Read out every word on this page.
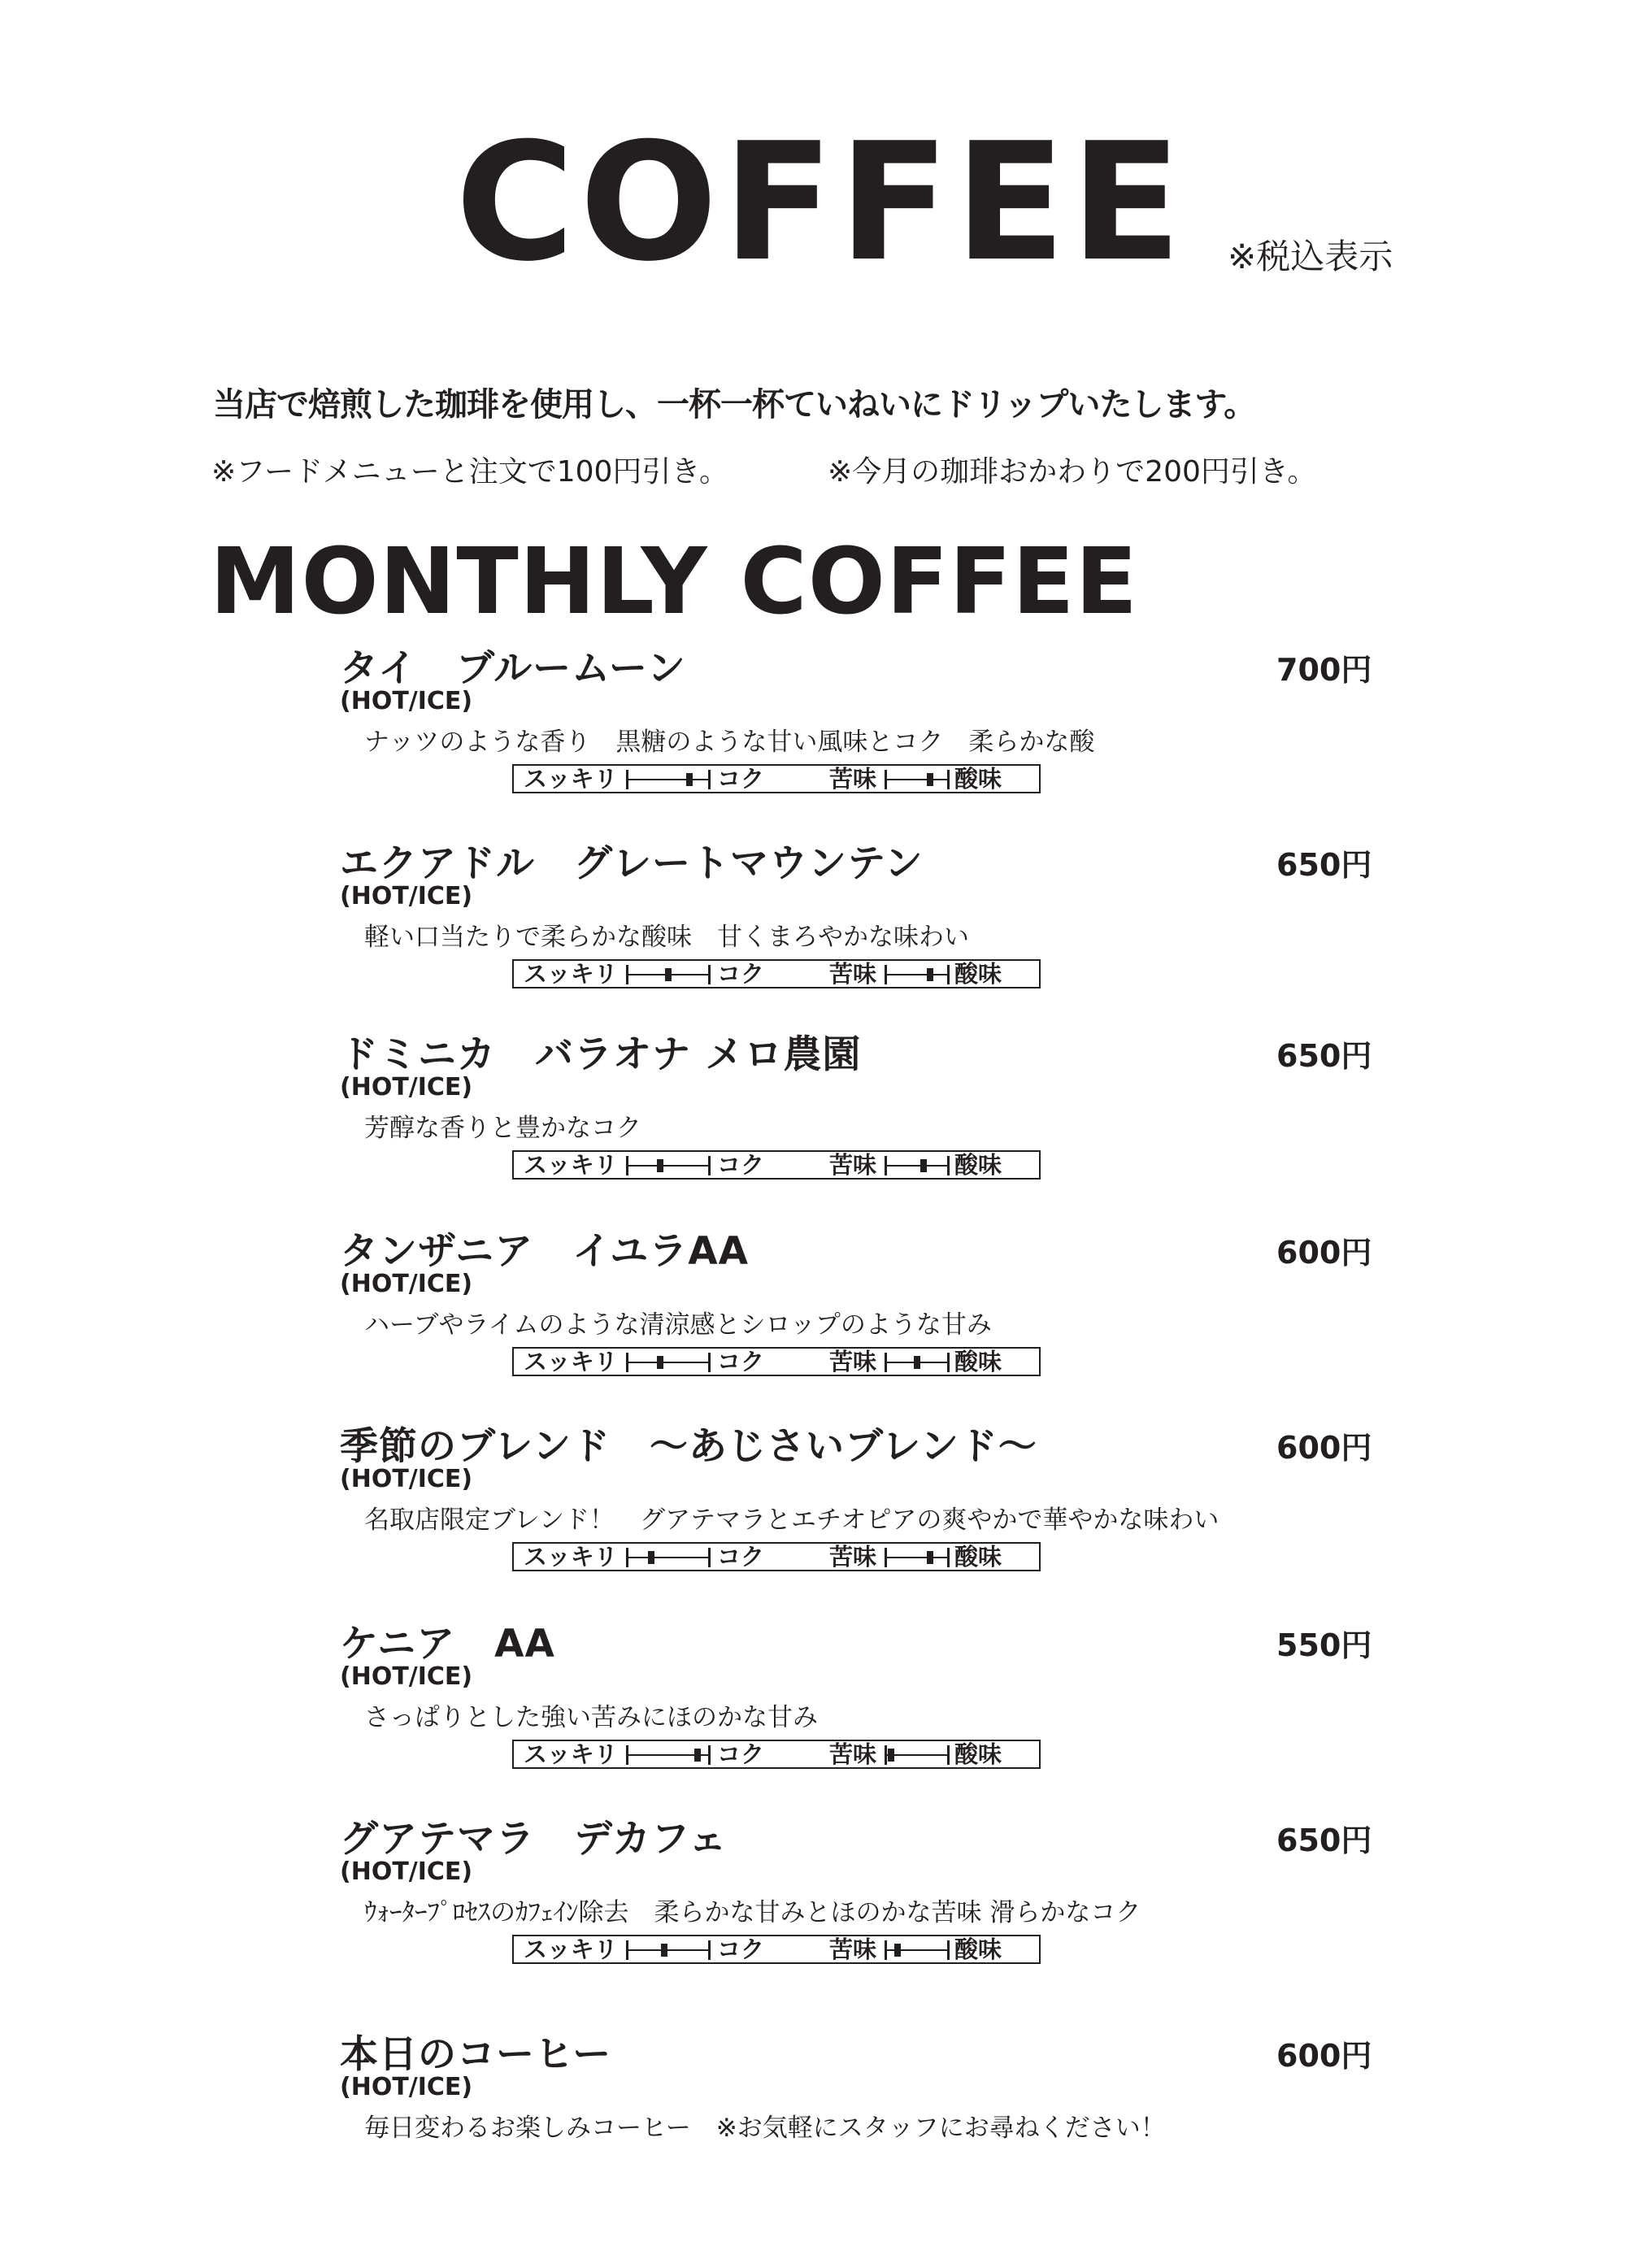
COFFEE ※税込表示
当店で焙煎した珈琲を使用し、一杯一杯ていねいにドリップいたします。
※フードメニューと注文で100円引き。	※今月の珈琲おかわりで200円引き。
MONTHLY COFFEE
タイ　ブルームーン	700円
(HOT/ICE)
ナッツのような香り　黒糖のような甘い風味とコク　柔らかな酸
スッキリ	コク	苦味	酸味
エクアドル　グレートマウンテン	650円
(HOT/ICE)
軽い口当たりで柔らかな酸味　甘くまろやかな味わい
スッキリ	コク	苦味	酸味
ドミニカ　バラオナ メロ農園	650円
(HOT/ICE)
芳醇な香りと豊かなコク
スッキリ	コク	苦味	酸味
タンザニア　イユラAA	600円
(HOT/ICE)
ハーブやライムのような清涼感とシロップのような甘み
スッキリ	コク	苦味	酸味
季節のブレンド　～あじさいブレンド～	600円
(HOT/ICE)
名取店限定ブレンド！　グアテマラとエチオピアの爽やかで華やかな味わい
スッキリ	コク	苦味	酸味
ケニア　AA	550円
(HOT/ICE)
さっぱりとした強い苦みにほのかな甘み
スッキリ	コク	苦味	酸味
グアテマラ　デカフェ	650円
(HOT/ICE)
ｳｫｰﾀｰﾌﾟﾛｾｽのｶﾌｪｲﾝ除去　柔らかな甘みとほのかな苦味 滑らかなコク
スッキリ	コク	苦味	酸味
本日のコーヒー	600円
(HOT/ICE)
毎日変わるお楽しみコーヒー　※お気軽にスタッフにお尋ねください！
